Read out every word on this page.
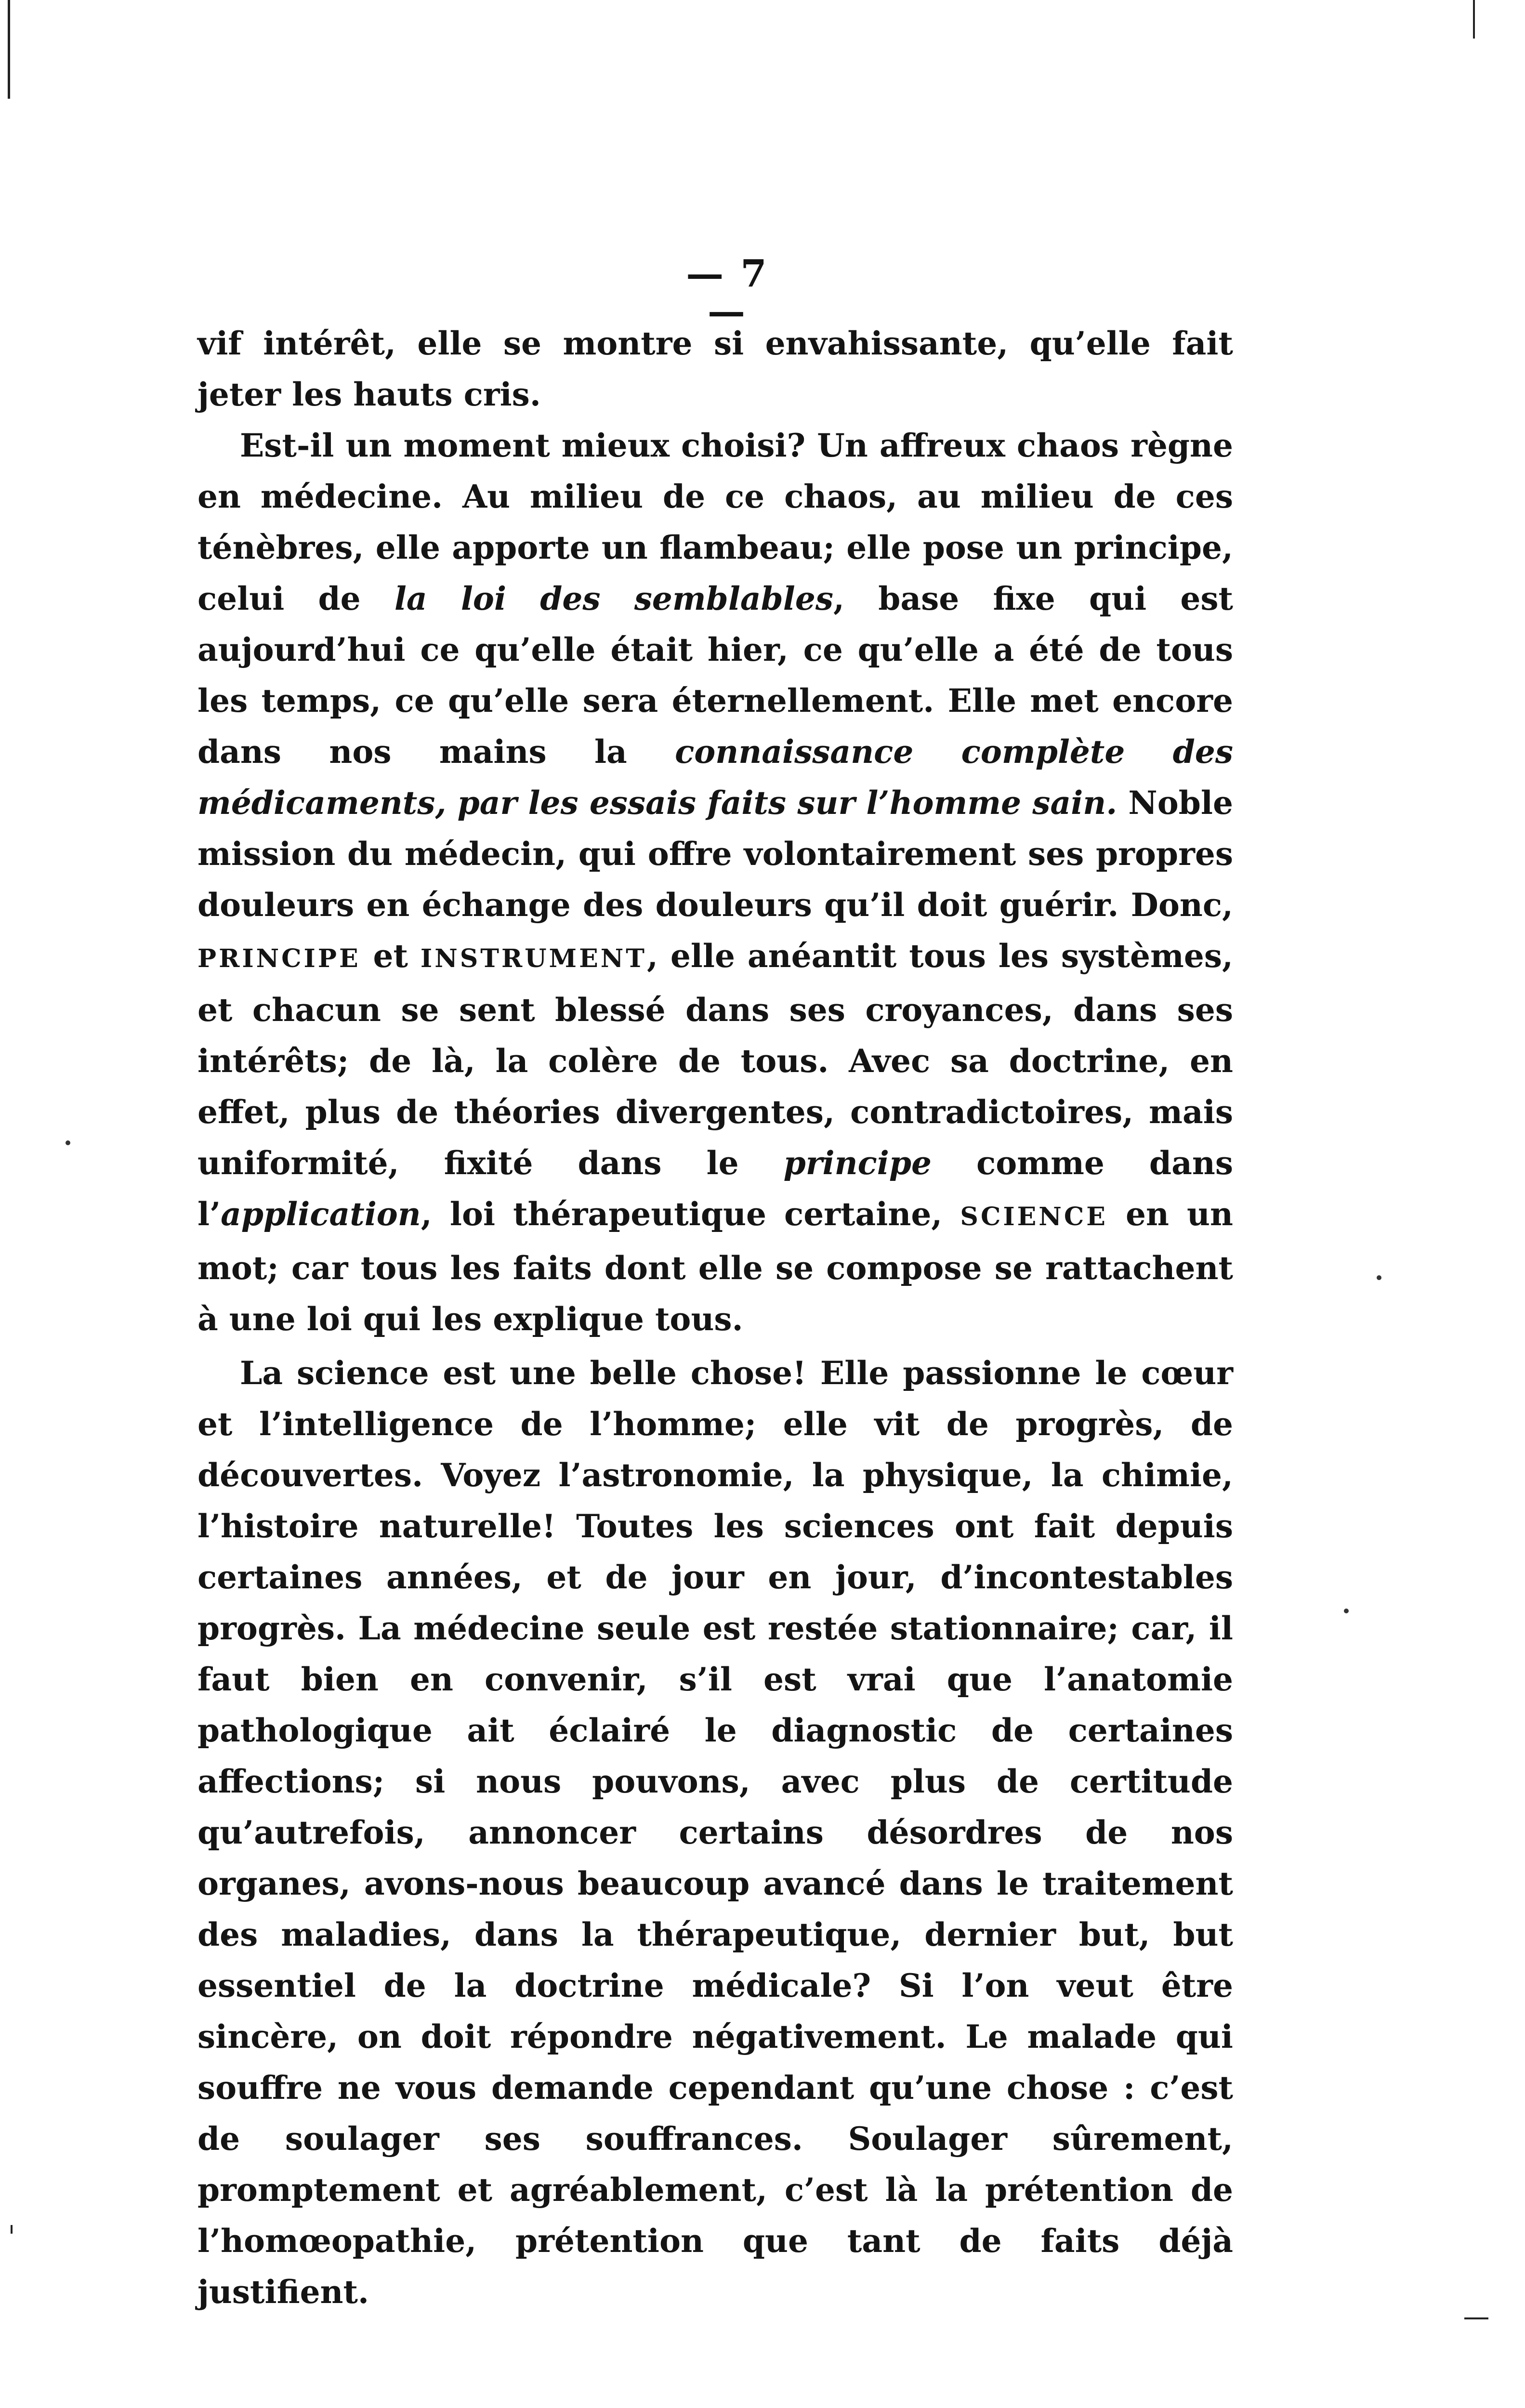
— 7 —

vif intérêt, elle se montre si envahissante, qu’elle fait jeter les hauts cris.

Est-il un moment mieux choisi? Un affreux chaos règne en médecine. Au milieu de ce chaos, au milieu de ces ténèbres, elle apporte un flambeau; elle pose un principe, celui de la loi des semblables, base fixe qui est aujourd’hui ce qu’elle était hier, ce qu’elle a été de tous les temps, ce qu’elle sera éternellement. Elle met encore dans nos mains la connaissance complète des médicaments, par les essais faits sur l’homme sain. Noble mission du médecin, qui offre volontairement ses propres douleurs en échange des douleurs qu’il doit guérir. Donc, PRINCIPE et INSTRUMENT, elle anéantit tous les systèmes, et chacun se sent blessé dans ses croyances, dans ses intérêts; de là, la colère de tous. Avec sa doctrine, en effet, plus de théories divergentes, contradictoires, mais uniformité, fixité dans le principe comme dans l’application, loi thérapeutique certaine, SCIENCE en un mot; car tous les faits dont elle se compose se rattachent à une loi qui les explique tous.

La science est une belle chose! Elle passionne le cœur et l’intelligence de l’homme; elle vit de progrès, de découvertes. Voyez l’astronomie, la physique, la chimie, l’histoire naturelle! Toutes les sciences ont fait depuis certaines années, et de jour en jour, d’incontestables progrès. La médecine seule est restée stationnaire; car, il faut bien en convenir, s’il est vrai que l’anatomie pathologique ait éclairé le diagnostic de certaines affections; si nous pouvons, avec plus de certitude qu’autrefois, annoncer certains désordres de nos organes, avons-nous beaucoup avancé dans le traitement des maladies, dans la thérapeutique, dernier but, but essentiel de la doctrine médicale? Si l’on veut être sincère, on doit répondre négativement. Le malade qui souffre ne vous demande cependant qu’une chose : c’est de soulager ses souffrances. Soulager sûrement, promptement et agréablement, c’est là la prétention de l’homœopathie, prétention que tant de faits déjà justifient.
